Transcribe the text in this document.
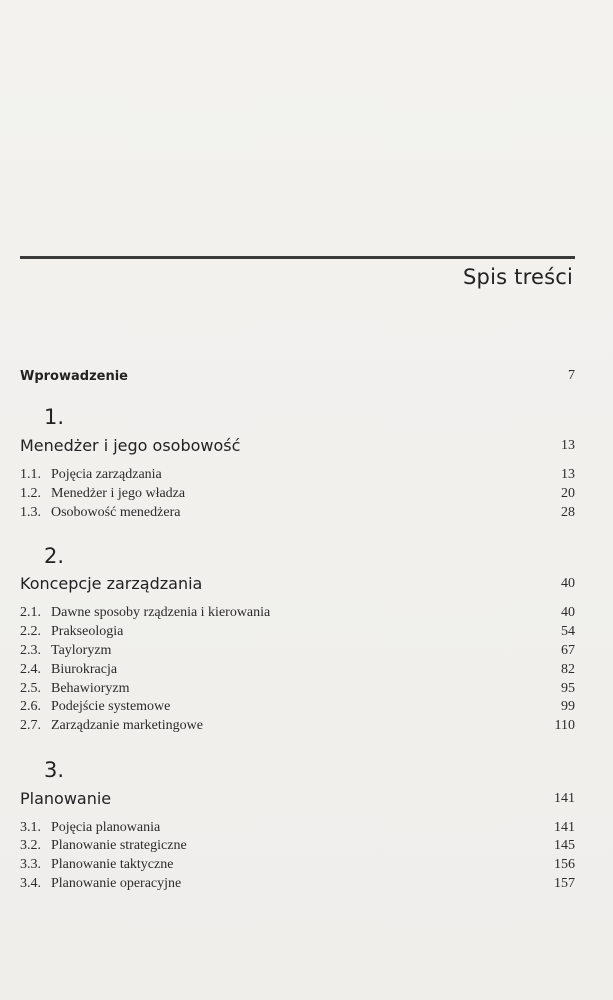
Spis treści
Wprowadzenie	7
1.
Menedżer i jego osobowość	13
1.1. Pojęcia zarządzania	13
1.2. Menedżer i jego władza	20
1.3. Osobowość menedżera	28
2.
Koncepcje zarządzania	40
2.1. Dawne sposoby rządzenia i kierowania	40
2.2. Prakseologia	54
2.3. Tayloryzm	67
2.4. Biurokracja	82
2.5. Behawioryzm	95
2.6. Podejście systemowe	99
2.7. Zarządzanie marketingowe	110
3.
Planowanie	141
3.1. Pojęcia planowania	141
3.2. Planowanie strategiczne	145
3.3. Planowanie taktyczne	156
3.4. Planowanie operacyjne	157
